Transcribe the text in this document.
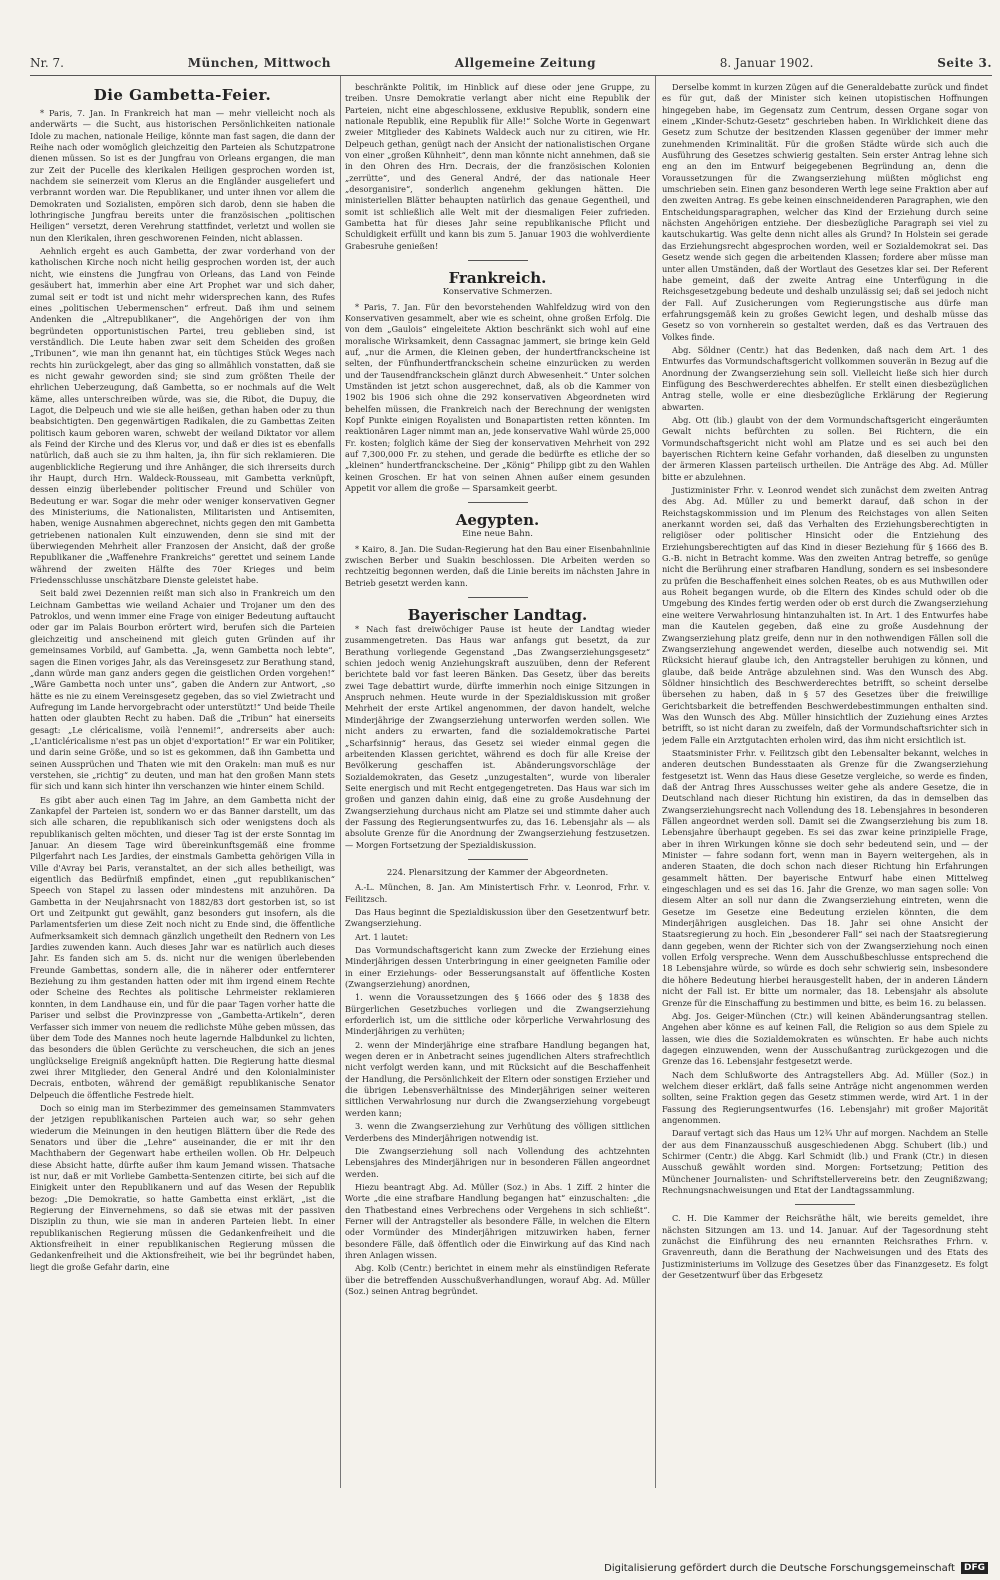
Nr. 7.	München, Mittwoch	Allgemeine Zeitung	8. Januar 1902.	Seite 3.
Die Gambetta-Feier.

* Paris, 7. Jan. In Frankreich hat man — mehr vielleicht noch als anderwärts — die Sucht, aus historischen Persönlichkeiten nationale Idole zu machen, nationale Heilige, könnte man fast sagen, die dann der Reihe nach oder womöglich gleichzeitig den Parteien als Schutzpatrone dienen müssen. So ist es der Jungfrau von Orleans ergangen, die man zur Zeit der Pucelle des klerikalen Heiligen gesprochen worden ist, nachdem sie seinerzeit vom Klerus an die Engländer ausgeliefert und verbrannt worden war. Die Republikaner, und unter ihnen vor allem die Demokraten und Sozialisten, empören sich darob, denn sie haben die lothringische Jungfrau bereits unter die französischen „politischen Heiligen“ versetzt, deren Verehrung stattfindet, verletzt und wollen sie nun den Klerikalen, ihren geschworenen Feinden, nicht ablassen.

Aehnlich ergeht es auch Gambetta, der zwar vorderhand von der katholischen Kirche noch nicht heilig gesprochen worden ist, der auch nicht, wie einstens die Jungfrau von Orleans, das Land von Feinde gesäubert hat, immerhin aber eine Art Prophet war und sich daher, zumal seit er todt ist und nicht mehr widersprechen kann, des Rufes eines „politischen Uebermenschen“ erfreut. Daß ihm und seinem Andenken die „Altrepublikaner“, die Angehörigen der von ihm begründeten opportunistischen Partei, treu geblieben sind, ist verständlich. Die Leute haben zwar seit dem Scheiden des großen „Tribunen“, wie man ihn genannt hat, ein tüchtiges Stück Weges nach rechts hin zurückgelegt, aber das ging so allmählich vonstatten, daß sie es nicht gewahr geworden sind; sie sind zum größten Theile der ehrlichen Ueberzeugung, daß Gambetta, so er nochmals auf die Welt käme, alles unterschreiben würde, was sie, die Ribot, die Dupuy, die Lagot, die Delpeuch und wie sie alle heißen, gethan haben oder zu thun beabsichtigten. Den gegenwärtigen Radikalen, die zu Gambettas Zeiten politisch kaum geboren waren, schwebt der weiland Diktator vor allem als Feind der Kirche und des Klerus vor, und daß er dies ist es ebenfalls natürlich, daß auch sie zu ihm halten, ja, ihn für sich reklamieren. Die augenblickliche Regierung und ihre Anhänger, die sich ihrerseits durch ihr Haupt, durch Hrn. Waldeck-Rousseau, mit Gambetta verknüpft, dessen einzig überlebender politischer Freund und Schüler von Bedeutung er war. Sogar die mehr oder weniger konservativen Gegner des Ministeriums, die Nationalisten, Militaristen und Antisemiten, haben, wenige Ausnahmen abgerechnet, nichts gegen den mit Gambetta getriebenen nationalen Kult einzuwenden, denn sie sind mit der überwiegenden Mehrheit aller Franzosen der Ansicht, daß der große Republikaner die „Waffenehre Frankreichs“ gerettet und seinem Lande während der zweiten Hälfte des 70er Krieges und beim Friedensschlusse unschätzbare Dienste geleistet habe.

Seit bald zwei Dezennien reißt man sich also in Frankreich um den Leichnam Gambettas wie weiland Achaier und Trojaner um den des Patroklos, und wenn immer eine Frage von einiger Bedeutung auftaucht oder gar im Palais Bourbon erörtert wird, berufen sich die Parteien gleichzeitig und anscheinend mit gleich guten Gründen auf ihr gemeinsames Vorbild, auf Gambetta. „Ja, wenn Gambetta noch lebte“, sagen die Einen voriges Jahr, als das Vereinsgesetz zur Berathung stand, „dann würde man ganz anders gegen die geistlichen Orden vorgehen!“ „Wäre Gambetta noch unter uns“, gaben die Andern zur Antwort, „so hätte es nie zu einem Vereinsgesetz gegeben, das so viel Zwietracht und Aufregung im Lande hervorgebracht oder unterstützt!“ Und beide Theile hatten oder glaubten Recht zu haben. Daß die „Tribun“ hat einerseits gesagt: „Le cléricalisme, voilà l'ennemi!“, andrerseits aber auch: „L'anticléricalisme n'est pas un objet d'exportation!“ Er war ein Politiker, und darin seine Größe, und so ist es gekommen, daß ihn Gambetta und seinen Aussprüchen und Thaten wie mit den Orakeln: man muß es nur verstehen, sie „richtig“ zu deuten, und man hat den großen Mann stets für sich und kann sich hinter ihn verschanzen wie hinter einem Schild.

Es gibt aber auch einen Tag im Jahre, an dem Gambetta nicht der Zankapfel der Parteien ist, sondern wo er das Banner darstellt, um das sich alle scharen, die republikanisch sich oder wenigstens doch als republikanisch gelten möchten, und dieser Tag ist der erste Sonntag im Januar. An diesem Tage wird übereinkunftsgemäß eine fromme Pilgerfahrt nach Les Jardies, der einstmals Gambetta gehörigen Villa in Ville d'Avray bei Paris, veranstaltet, an der sich alles betheiligt, was eigentlich das Bedürfniß empfindet, einen „gut republikanischen“ Speech von Stapel zu lassen oder mindestens mit anzuhören. Da Gambetta in der Neujahrsnacht von 1882/83 dort gestorben ist, so ist Ort und Zeitpunkt gut gewählt, ganz besonders gut insofern, als die Parlamentsferien um diese Zeit noch nicht zu Ende sind, die öffentliche Aufmerksamkeit sich demnach gänzlich ungetheilt den Rednern von Les Jardies zuwenden kann. Auch dieses Jahr war es natürlich auch dieses Jahr. Es fanden sich am 5. ds. nicht nur die wenigen überlebenden Freunde Gambettas, sondern alle, die in näherer oder entfernterer Beziehung zu ihm gestanden hatten oder mit ihm irgend einem Rechte oder Scheine des Rechtes als politische Lehrmeister reklamieren konnten, in dem Landhause ein, und für die paar Tagen vorher hatte die Pariser und selbst die Provinzpresse von „Gambetta-Artikeln“, deren Verfasser sich immer von neuem die redlichste Mühe geben müssen, das über dem Tode des Mannes noch heute lagernde Halbdunkel zu lichten, das besonders die üblen Gerüchte zu verscheuchen, die sich an jenes unglückselige Ereigniß angeknüpft hatten. Die Regierung hatte diesmal zwei ihrer Mitglieder, den General André und den Kolonialminister Decrais, entboten, während der gemäßigt republikanische Senator Delpeuch die öffentliche Festrede hielt.

Doch so einig man im Sterbezimmer des gemeinsamen Stammvaters der jetzigen republikanischen Parteien auch war, so sehr gehen wiederum die Meinungen in den heutigen Blättern über die Rede des Senators und über die „Lehre“ auseinander, die er mit ihr den Machthabern der Gegenwart habe ertheilen wollen. Ob Hr. Delpeuch diese Absicht hatte, dürfte außer ihm kaum Jemand wissen. Thatsache ist nur, daß er mit Vorliebe Gambetta-Sentenzen citirte, bei sich auf die Einigkeit unter den Republikanern und auf das Wesen der Republik bezog: „Die Demokratie, so hatte Gambetta einst erklärt, „ist die Regierung der Einvernehmens, so daß sie etwas mit der passiven Disziplin zu thun, wie sie man in anderen Parteien liebt. In einer republikanischen Regierung müssen die Gedankenfreiheit und die Aktionsfreiheit in einer republikanischen Regierung müssen die Gedankenfreiheit und die Aktionsfreiheit, wie bei ihr begründet haben, liegt die große Gefahr darin, eine

beschränkte Politik, im Hinblick auf diese oder jene Gruppe, zu treiben. Unsre Demokratie verlangt aber nicht eine Republik der Parteien, nicht eine abgeschlossene, exklusive Republik, sondern eine nationale Republik, eine Republik für Alle!“ Solche Worte in Gegenwart zweier Mitglieder des Kabinets Waldeck auch nur zu citiren, wie Hr. Delpeuch gethan, genügt nach der Ansicht der nationalistischen Organe von einer „großen Kühnheit“, denn man könnte nicht annehmen, daß sie in den Ohren des Hrn. Decrais, der die französischen Kolonien „zerrütte“, und des General André, der das nationale Heer „desorganisire“, sonderlich angenehm geklungen hätten. Die ministeriellen Blätter behaupten natürlich das genaue Gegentheil, und somit ist schließlich alle Welt mit der diesmaligen Feier zufrieden. Gambetta hat für dieses Jahr seine republikanische Pflicht und Schuldigkeit erfüllt und kann bis zum 5. Januar 1903 die wohlverdiente Grabesruhe genießen!

Frankreich.

Konservative Schmerzen.

* Paris, 7. Jan. Für den bevorstehenden Wahlfeldzug wird von den Konservativen gesammelt, aber wie es scheint, ohne großen Erfolg. Die von dem „Gaulois“ eingeleitete Aktion beschränkt sich wohl auf eine moralische Wirksamkeit, denn Cassagnac jammert, sie bringe kein Geld auf, „nur die Armen, die Kleinen geben, der hundertfranckscheine ist selten, der Fünfhundertfranckschein scheine einzurücken zu werden und der Tausendfranckschein glänzt durch Abwesenheit.“ Unter solchen Umständen ist jetzt schon ausgerechnet, daß, als ob die Kammer von 1902 bis 1906 sich ohne die 292 konservativen Abgeordneten wird behelfen müssen, die Frankreich nach der Berechnung der wenigsten Kopf Punkte einigen Royalisten und Bonapartisten retten könnten. Im reaktionären Lager nimmt man an, jede konservative Wahl würde 25,000 Fr. kosten; folglich käme der Sieg der konservativen Mehrheit von 292 auf 7,300,000 Fr. zu stehen, und gerade die bedürfte es etliche der so „kleinen“ hundertfranckscheine. Der „König“ Philipp gibt zu den Wahlen keinen Groschen. Er hat von seinen Ahnen außer einem gesunden Appetit vor allem die große — Sparsamkeit geerbt.

Aegypten.

Eine neue Bahn.

* Kairo, 8. Jan. Die Sudan-Regierung hat den Bau einer Eisenbahnlinie zwischen Berber und Suakin beschlossen. Die Arbeiten werden so rechtzeitig begonnen werden, daß die Linie bereits im nächsten Jahre in Betrieb gesetzt werden kann.

Bayerischer Landtag.

* Nach fast dreiwöchiger Pause ist heute der Landtag wieder zusammengetreten. Das Haus war anfangs gut besetzt, da zur Berathung vorliegende Gegenstand „Das Zwangserziehungsgesetz“ schien jedoch wenig Anziehungskraft auszuüben, denn der Referent berichtete bald vor fast leeren Bänken. Das Gesetz, über das bereits zwei Tage debattirt wurde, dürfte immerhin noch einige Sitzungen in Anspruch nehmen. Heute wurde in der Spezialdiskussion mit großer Mehrheit der erste Artikel angenommen, der davon handelt, welche Minderjährige der Zwangserziehung unterworfen werden sollen. Wie nicht anders zu erwarten, fand die sozialdemokratische Partei „Scharfsinnig“ heraus, das Gesetz sei wieder einmal gegen die arbeitenden Klassen gerichtet, während es doch für alle Kreise der Bevölkerung geschaffen ist. Abänderungsvorschläge der Sozialdemokraten, das Gesetz „unzugestalten“, wurde von liberaler Seite energisch und mit Recht entgegengetreten. Das Haus war sich im großen und ganzen dahin einig, daß eine zu große Ausdehnung der Zwangserziehung durchaus nicht am Platze sei und stimmte daher auch der Fassung des Regierungsentwurfes zu, das 16. Lebensjahr als — als absolute Grenze für die Anordnung der Zwangserziehung festzusetzen. — Morgen Fortsetzung der Spezialdiskussion.

224. Plenarsitzung der Kammer der Abgeordneten.

A.-L. München, 8. Jan. Am Ministertisch Frhr. v. Leonrod, Frhr. v. Feilitzsch.

Das Haus beginnt die Spezialdiskussion über den Gesetzentwurf betr. Zwangserziehung.

Art. 1 lautet:

Das Vormundschaftsgericht kann zum Zwecke der Erziehung eines Minderjährigen dessen Unterbringung in einer geeigneten Familie oder in einer Erziehungs- oder Besserungsanstalt auf öffentliche Kosten (Zwangserziehung) anordnen,

1. wenn die Voraussetzungen des § 1666 oder des § 1838 des Bürgerlichen Gesetzbuches vorliegen und die Zwangserziehung erforderlich ist, um die sittliche oder körperliche Verwahrlosung des Minderjährigen zu verhüten;

2. wenn der Minderjährige eine strafbare Handlung begangen hat, wegen deren er in Anbetracht seines jugendlichen Alters strafrechtlich nicht verfolgt werden kann, und mit Rücksicht auf die Beschaffenheit der Handlung, die Persönlichkeit der Eltern oder sonstigen Erzieher und die übrigen Lebensverhältnisse des Minderjährigen seiner weiteren sittlichen Verwahrlosung nur durch die Zwangserziehung vorgebeugt werden kann;

3. wenn die Zwangserziehung zur Verhütung des völligen sittlichen Verderbens des Minderjährigen notwendig ist.

Die Zwangserziehung soll nach Vollendung des achtzehnten Lebensjahres des Minderjährigen nur in besonderen Fällen angeordnet werden.

Hiezu beantragt Abg. Ad. Müller (Soz.) in Abs. 1 Ziff. 2 hinter die Worte „die eine strafbare Handlung begangen hat“ einzuschalten: „die den Thatbestand eines Verbrechens oder Vergehens in sich schließt“. Ferner will der Antragsteller als besondere Fälle, in welchen die Eltern oder Vormünder des Minderjährigen mitzuwirken haben, ferner besondere Fälle, daß öffentlich oder die Einwirkung auf das Kind nach ihren Anlagen wissen.

Abg. Kolb (Centr.) berichtet in einem mehr als einstündigen Referate über die betreffenden Ausschußverhandlungen, worauf Abg. Ad. Müller (Soz.) seinen Antrag begründet.

Derselbe kommt in kurzen Zügen auf die Generaldebatte zurück und findet es für gut, daß der Minister sich keinen utopistischen Hoffnungen hingegeben habe, im Gegensatz zum Centrum, dessen Organe sogar von einem „Kinder-Schutz-Gesetz“ geschrieben haben. In Wirklichkeit diene das Gesetz zum Schutze der besitzenden Klassen gegenüber der immer mehr zunehmenden Kriminalität. Für die großen Städte würde sich auch die Ausführung des Gesetzes schwierig gestalten. Sein erster Antrag lehne sich eng an den im Entwurf beigegebenen Begründung an, denn die Voraussetzungen für die Zwangserziehung müßten möglichst eng umschrieben sein. Einen ganz besonderen Werth lege seine Fraktion aber auf den zweiten Antrag. Es gebe keinen einschneidenderen Paragraphen, wie den Entscheidungsparagraphen, welcher das Kind der Erziehung durch seine nächsten Angehörigen entziehe. Der diesbezügliche Paragraph sei viel zu kautschukartig. Was gelte denn nicht alles als Grund? In Holstein sei gerade das Erziehungsrecht abgesprochen worden, weil er Sozialdemokrat sei. Das Gesetz wende sich gegen die arbeitenden Klassen; fordere aber müsse man unter allen Umständen, daß der Wortlaut des Gesetzes klar sei. Der Referent habe gemeint, daß der zweite Antrag eine Unterfügung in die Reichsgesetzgebung bedeute und deshalb unzulässig sei; daß sei jedoch nicht der Fall. Auf Zusicherungen vom Regierungstische aus dürfe man erfahrungsgemäß kein zu großes Gewicht legen, und deshalb müsse das Gesetz so von vornherein so gestaltet werden, daß es das Vertrauen des Volkes finde.

Abg. Söldner (Centr.) hat das Bedenken, daß nach dem Art. 1 des Entwurfes das Vormundschaftsgericht vollkommen souverän in Bezug auf die Anordnung der Zwangserziehung sein soll. Vielleicht ließe sich hier durch Einfügung des Beschwerderechtes abhelfen. Er stellt einen diesbezüglichen Antrag stelle, wolle er eine diesbezügliche Erklärung der Regierung abwarten.

Abg. Ott (lib.) glaubt von der dem Vormundschaftsgericht eingeräumten Gewalt nichts befürchten zu sollen. Bei Richtern, die ein Vormundschaftsgericht nicht wohl am Platze und es sei auch bei den bayerischen Richtern keine Gefahr vorhanden, daß dieselben zu ungunsten der ärmeren Klassen parteiisch urtheilen. Die Anträge des Abg. Ad. Müller bitte er abzulehnen.

Justizminister Frhr. v. Leonrod wendet sich zunächst dem zweiten Antrag des Abg. Ad. Müller zu und bemerkt darauf, daß schon in der Reichstagskommission und im Plenum des Reichstages von allen Seiten anerkannt worden sei, daß das Verhalten des Erziehungsberechtigten in religiöser oder politischer Hinsicht oder die Entziehung des Erziehungsberechtigten auf das Kind in dieser Beziehung für § 1666 des B. G.-B. nicht in Betracht komme. Was den zweiten Antrag betreffe, so genüge nicht die Berührung einer strafbaren Handlung, sondern es sei insbesondere zu prüfen die Beschaffenheit eines solchen Reates, ob es aus Muthwillen oder aus Roheit begangen wurde, ob die Eltern des Kindes schuld oder ob die Umgebung des Kindes fertig werden oder ob erst durch die Zwangserziehung eine weitere Verwahrlosung hintanzuhalten ist. In Art. 1 des Entwurfes habe man die Kautelen gegeben, daß eine zu große Ausdehnung der Zwangserziehung platz greife, denn nur in den nothwendigen Fällen soll die Zwangserziehung angewendet werden, dieselbe auch notwendig sei. Mit Rücksicht hierauf glaube ich, den Antragsteller beruhigen zu können, und glaube, daß beide Anträge abzulehnen sind. Was den Wunsch des Abg. Söldner hinsichtlich des Beschwerderechtes betrifft, so scheint derselbe übersehen zu haben, daß in § 57 des Gesetzes über die freiwillige Gerichtsbarkeit die betreffenden Beschwerdebestimmungen enthalten sind. Was den Wunsch des Abg. Müller hinsichtlich der Zuziehung eines Arztes betrifft, so ist nicht daran zu zweifeln, daß der Vormundschaftsrichter sich in jedem Falle ein Arztgutachten erholen wird, das ihm nicht ersichtlich ist.

Staatsminister Frhr. v. Feilitzsch gibt den Lebensalter bekannt, welches in anderen deutschen Bundesstaaten als Grenze für die Zwangserziehung festgesetzt ist. Wenn das Haus diese Gesetze vergleiche, so werde es finden, daß der Antrag Ihres Ausschusses weiter gehe als andere Gesetze, die in Deutschland nach dieser Richtung hin existiren, da das in demselben das Zwangserziehungsrecht nach Vollendung des 18. Lebensjahres in besonderen Fällen angeordnet werden soll. Damit sei die Zwangserziehung bis zum 18. Lebensjahre überhaupt gegeben. Es sei das zwar keine prinzipielle Frage, aber in ihren Wirkungen könne sie doch sehr bedeutend sein, und — der Minister — fahre sodann fort, wenn man in Bayern weitergehen, als in anderen Staaten, die doch schon nach dieser Richtung hin Erfahrungen gesammelt hätten. Der bayerische Entwurf habe einen Mittelweg eingeschlagen und es sei das 16. Jahr die Grenze, wo man sagen solle: Von diesem Alter an soll nur dann die Zwangserziehung eintreten, wenn die Gesetze im Gesetze eine Bedeutung erzielen könnten, die dem Minderjährigen ausgleichen. Das 18. Jahr sei ohne Ansicht der Staatsregierung zu hoch. Ein „besonderer Fall“ sei nach der Staatsregierung dann gegeben, wenn der Richter sich von der Zwangserziehung noch einen vollen Erfolg verspreche. Wenn dem Ausschußbeschlusse entsprechend die 18 Lebensjahre würde, so würde es doch sehr schwierig sein, insbesondere die höhere Bedeutung hierbei herausgestellt haben, der in anderen Ländern nicht der Fall ist. Er bitte um normaler, das 18. Lebensjahr als absolute Grenze für die Einschaffung zu bestimmen und bitte, es beim 16. zu belassen.

Abg. Jos. Geiger-München (Ctr.) will keinen Abänderungsantrag stellen. Angehen aber könne es auf keinen Fall, die Religion so aus dem Spiele zu lassen, wie dies die Sozialdemokraten es wünschten. Er habe auch nichts dagegen einzuwenden, wenn der Ausschußantrag zurückgezogen und die Grenze das 16. Lebensjahr festgesetzt werde.

Nach dem Schlußworte des Antragstellers Abg. Ad. Müller (Soz.) in welchem dieser erklärt, daß falls seine Anträge nicht angenommen werden sollten, seine Fraktion gegen das Gesetz stimmen werde, wird Art. 1 in der Fassung des Regierungsentwurfes (16. Lebensjahr) mit großer Majorität angenommen.

Darauf vertagt sich das Haus um 12¾ Uhr auf morgen. Nachdem an Stelle der aus dem Finanzausschuß ausgeschiedenen Abgg. Schubert (lib.) und Schirmer (Centr.) die Abgg. Karl Schmidt (lib.) und Frank (Ctr.) in diesen Ausschuß gewählt worden sind. Morgen: Fortsetzung; Petition des Münchener Journalisten- und Schriftstellervereins betr. den Zeugnißzwang; Rechnungsnachweisungen und Etat der Landtagssammlung.

C. H. Die Kammer der Reichsräthe hält, wie bereits gemeldet, ihre nächsten Sitzungen am 13. und 14. Januar. Auf der Tagesordnung steht zunächst die Einführung des neu ernannten Reichsrathes Frhrn. v. Gravenreuth, dann die Berathung der Nachweisungen und des Etats des Justizministeriums im Vollzuge des Gesetzes über das Finanzgesetz. Es folgt der Gesetzentwurf über das Erbgesetz

Digitalisierung gefördert durch die Deutsche Forschungsgemeinschaft	DFG
